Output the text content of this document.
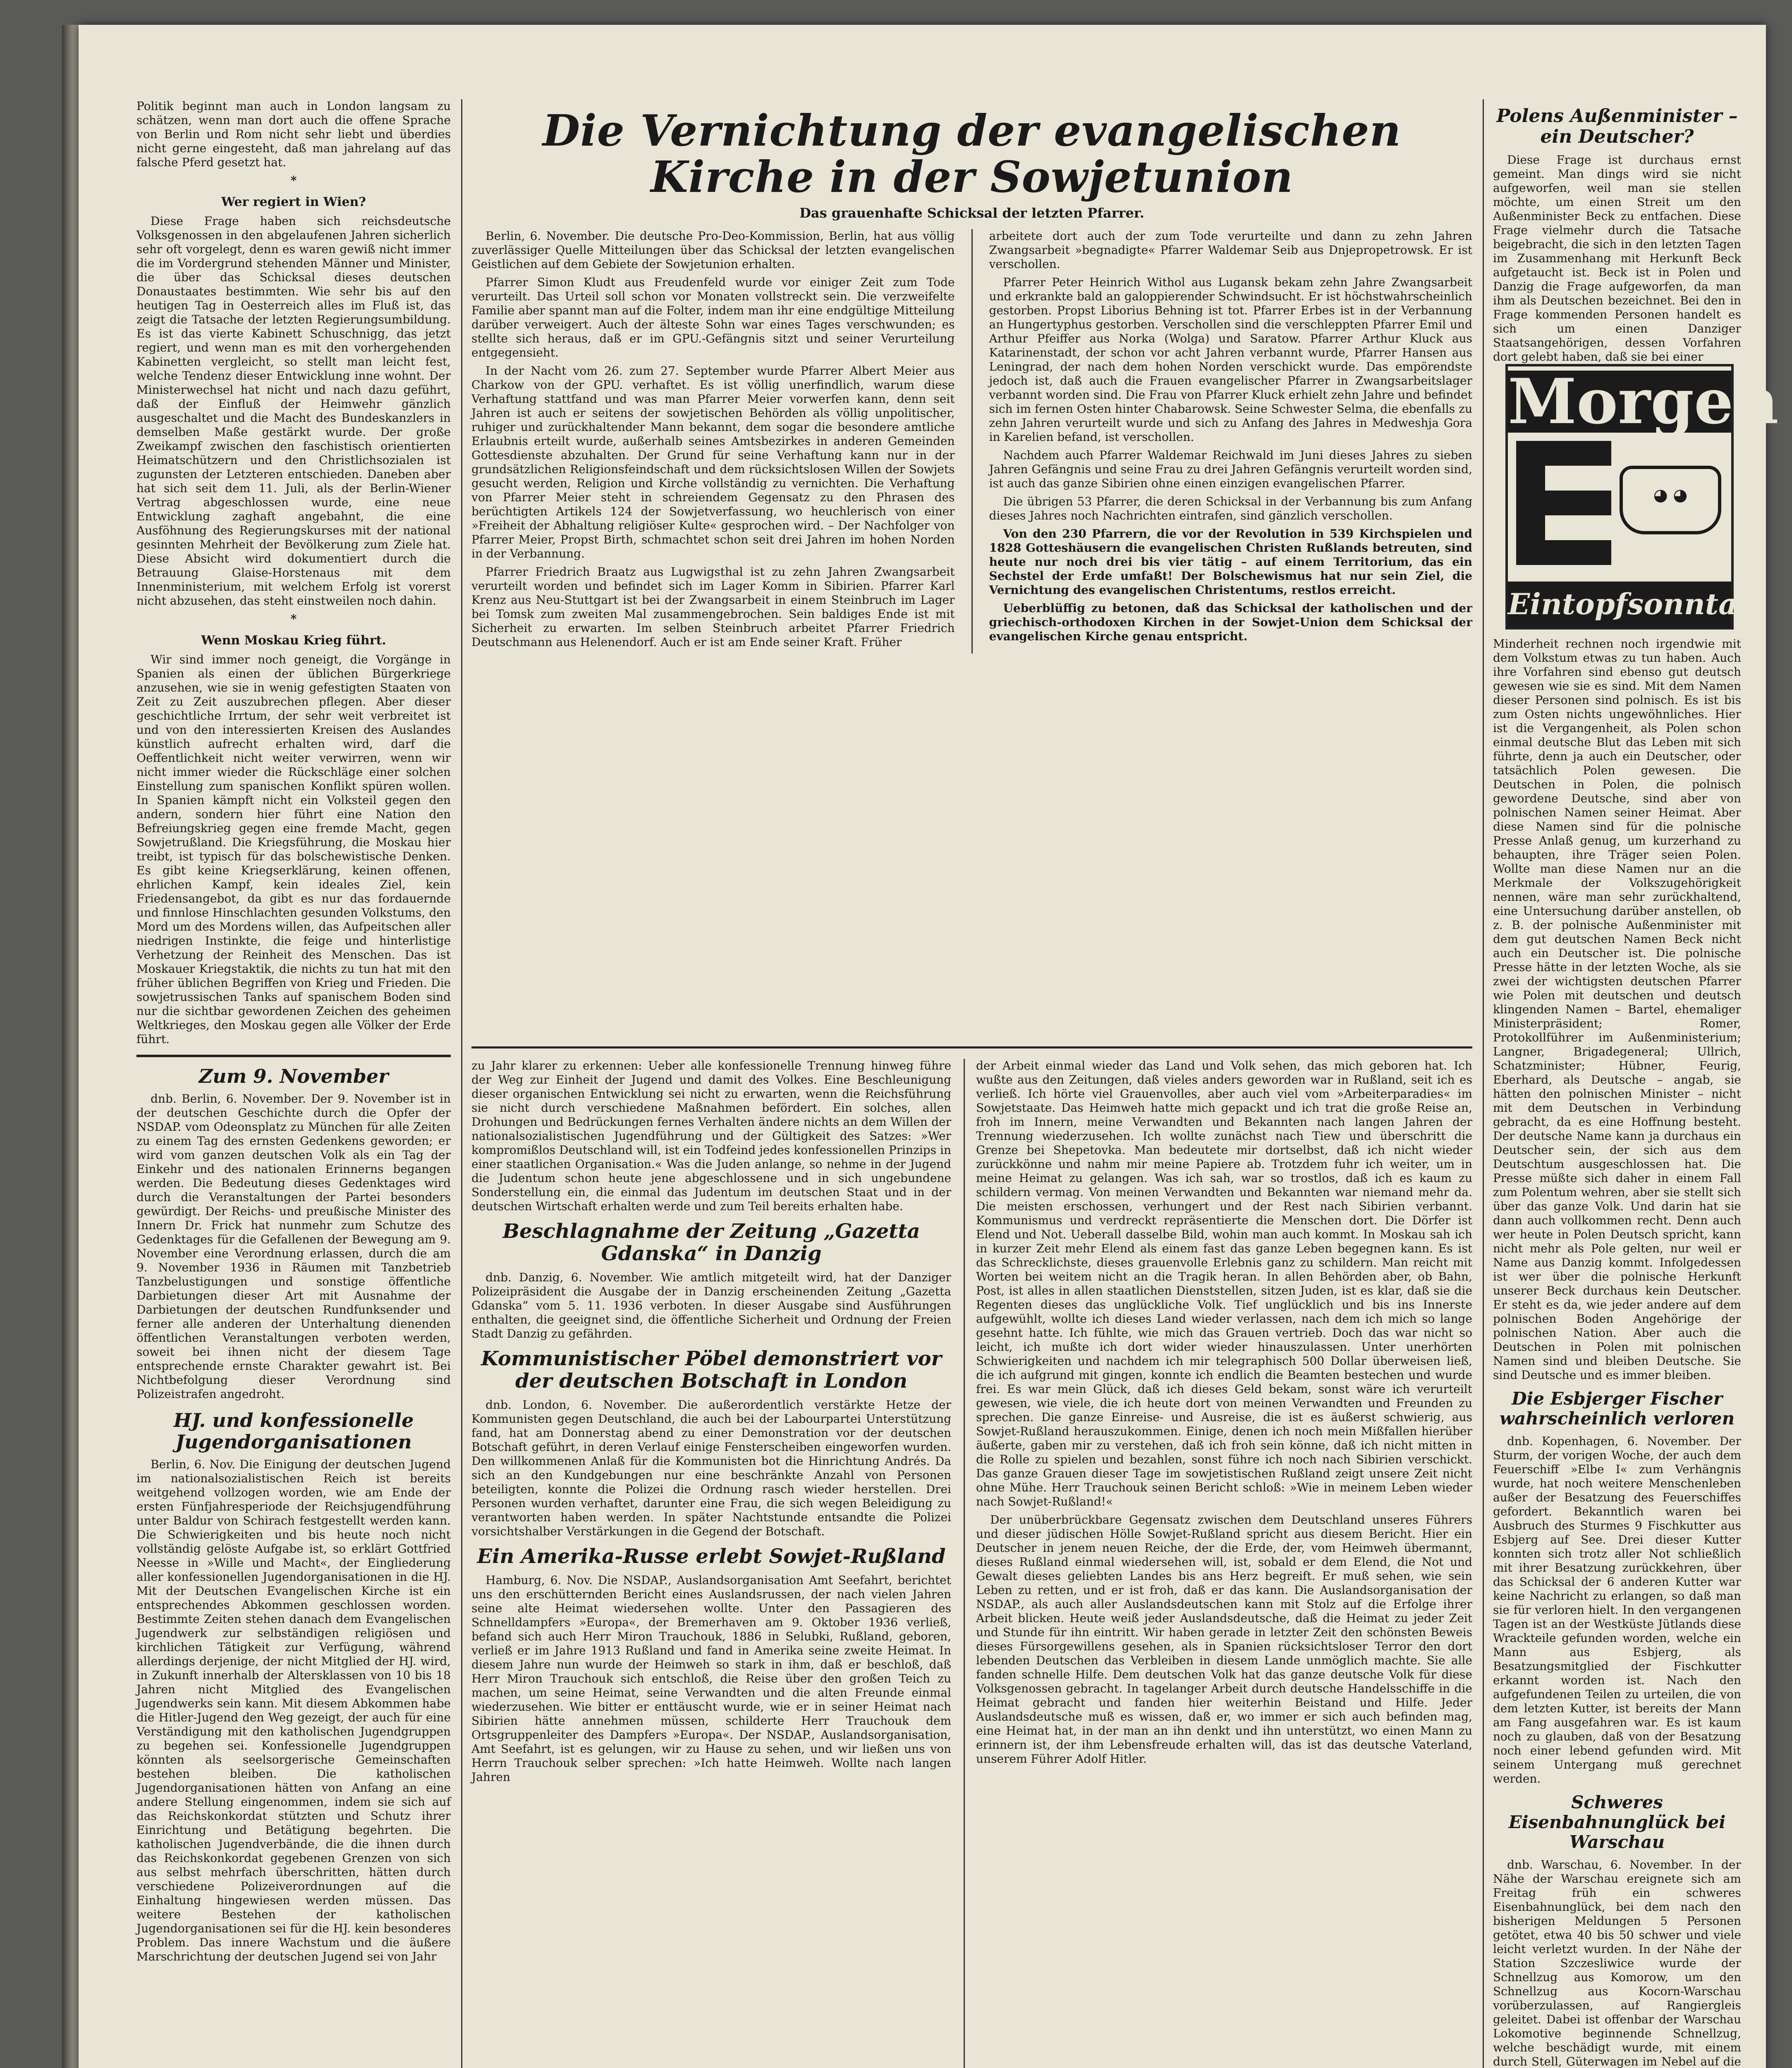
Politik beginnt man auch in London langsam zu schätzen, wenn man dort auch die offene Sprache von Berlin und Rom nicht sehr liebt und überdies nicht gerne eingesteht, daß man jahrelang auf das falsche Pferd gesetzt hat.

*
Wer regiert in Wien?

Diese Frage haben sich reichsdeutsche Volksgenossen in den abgelaufenen Jahren sicherlich sehr oft vorgelegt, denn es waren gewiß nicht immer die im Vordergrund stehenden Männer und Minister, die über das Schicksal dieses deutschen Donaustaates bestimmten. Wie sehr bis auf den heutigen Tag in Oesterreich alles im Fluß ist, das zeigt die Tatsache der letzten Regierungsumbildung. Es ist das vierte Kabinett Schuschnigg, das jetzt regiert, und wenn man es mit den vorhergehenden Kabinetten vergleicht, so stellt man leicht fest, welche Tendenz dieser Entwicklung inne wohnt. Der Ministerwechsel hat nicht und nach dazu geführt, daß der Einfluß der Heimwehr gänzlich ausgeschaltet und die Macht des Bundeskanzlers in demselben Maße gestärkt wurde. Der große Zweikampf zwischen den faschistisch orientierten Heimatschützern und den Christlichsozialen ist zugunsten der Letzteren entschieden. Daneben aber hat sich seit dem 11. Juli, als der Berlin-Wiener Vertrag abgeschlossen wurde, eine neue Entwicklung zaghaft angebahnt, die eine Ausföhnung des Regierungskurses mit der national gesinnten Mehrheit der Bevölkerung zum Ziele hat. Diese Absicht wird dokumentiert durch die Betrauung Glaise-Horstenaus mit dem Innenministerium, mit welchem Erfolg ist vorerst nicht abzusehen, das steht einstweilen noch dahin.

*
Wenn Moskau Krieg führt.

Wir sind immer noch geneigt, die Vorgänge in Spanien als einen der üblichen Bürgerkriege anzusehen, wie sie in wenig gefestigten Staaten von Zeit zu Zeit auszubrechen pflegen. Aber dieser geschichtliche Irrtum, der sehr weit verbreitet ist und von den interessierten Kreisen des Auslandes künstlich aufrecht erhalten wird, darf die Oeffentlichkeit nicht weiter verwirren, wenn wir nicht immer wieder die Rückschläge einer solchen Einstellung zum spanischen Konflikt spüren wollen. In Spanien kämpft nicht ein Volksteil gegen den andern, sondern hier führt eine Nation den Befreiungskrieg gegen eine fremde Macht, gegen Sowjetrußland. Die Kriegsführung, die Moskau hier treibt, ist typisch für das bolschewistische Denken. Es gibt keine Kriegserklärung, keinen offenen, ehrlichen Kampf, kein ideales Ziel, kein Friedensangebot, da gibt es nur das fordauernde und finnlose Hinschlachten gesunden Volkstums, den Mord um des Mordens willen, das Aufpeitschen aller niedrigen Instinkte, die feige und hinterlistige Verhetzung der Reinheit des Menschen. Das ist Moskauer Kriegstaktik, die nichts zu tun hat mit den früher üblichen Begriffen von Krieg und Frieden. Die sowjetrussischen Tanks auf spanischem Boden sind nur die sichtbar gewordenen Zeichen des geheimen Weltkrieges, den Moskau gegen alle Völker der Erde führt.

Zum 9. November

dnb. Berlin, 6. November. Der 9. November ist in der deutschen Geschichte durch die Opfer der NSDAP. vom Odeonsplatz zu München für alle Zeiten zu einem Tag des ernsten Gedenkens geworden; er wird vom ganzen deutschen Volk als ein Tag der Einkehr und des nationalen Erinnerns begangen werden. Die Bedeutung dieses Gedenktages wird durch die Veranstaltungen der Partei besonders gewürdigt. Der Reichs- und preußische Minister des Innern Dr. Frick hat nunmehr zum Schutze des Gedenktages für die Gefallenen der Bewegung am 9. November eine Verordnung erlassen, durch die am 9. November 1936 in Räumen mit Tanzbetrieb Tanzbelustigungen und sonstige öffentliche Darbietungen dieser Art mit Ausnahme der Darbietungen der deutschen Rundfunksender und ferner alle anderen der Unterhaltung dienenden öffentlichen Veranstaltungen verboten werden, soweit bei ihnen nicht der diesem Tage entsprechende ernste Charakter gewahrt ist. Bei Nichtbefolgung dieser Verordnung sind Polizeistrafen angedroht.

HJ. und konfessionelle Jugendorganisationen

Berlin, 6. Nov. Die Einigung der deutschen Jugend im nationalsozialistischen Reich ist bereits weitgehend vollzogen worden, wie am Ende der ersten Fünfjahresperiode der Reichsjugendführung unter Baldur von Schirach festgestellt werden kann. Die Schwierigkeiten und bis heute noch nicht vollständig gelöste Aufgabe ist, so erklärt Gottfried Neesse in »Wille und Macht«, der Eingliederung aller konfessionellen Jugendorganisationen in die HJ. Mit der Deutschen Evangelischen Kirche ist ein entsprechendes Abkommen geschlossen worden. Bestimmte Zeiten stehen danach dem Evangelischen Jugendwerk zur selbständigen religiösen und kirchlichen Tätigkeit zur Verfügung, während allerdings derjenige, der nicht Mitglied der HJ. wird, in Zukunft innerhalb der Altersklassen von 10 bis 18 Jahren nicht Mitglied des Evangelischen Jugendwerks sein kann. Mit diesem Abkommen habe die Hitler-Jugend den Weg gezeigt, der auch für eine Verständigung mit den katholischen Jugendgruppen zu begehen sei. Konfessionelle Jugendgruppen könnten als seelsorgerische Gemeinschaften bestehen bleiben. Die katholischen Jugendorganisationen hätten von Anfang an eine andere Stellung eingenommen, indem sie sich auf das Reichskonkordat stützten und Schutz ihrer Einrichtung und Betätigung begehrten. Die katholischen Jugendverbände, die die ihnen durch das Reichskonkordat gegebenen Grenzen von sich aus selbst mehrfach überschritten, hätten durch verschiedene Polizeiverordnungen auf die Einhaltung hingewiesen werden müssen. Das weitere Bestehen der katholischen Jugendorganisationen sei für die HJ. kein besonderes Problem. Das innere Wachstum und die äußere Marschrichtung der deutschen Jugend sei von Jahr

Die Vernichtung der evangelischen Kirche in der Sowjetunion
Das grauenhafte Schicksal der letzten Pfarrer.

Berlin, 6. November. Die deutsche Pro-Deo-Kommission, Berlin, hat aus völlig zuverlässiger Quelle Mitteilungen über das Schicksal der letzten evangelischen Geistlichen auf dem Gebiete der Sowjetunion erhalten.

Pfarrer Simon Kludt aus Freudenfeld wurde vor einiger Zeit zum Tode verurteilt. Das Urteil soll schon vor Monaten vollstreckt sein. Die verzweifelte Familie aber spannt man auf die Folter, indem man ihr eine endgültige Mitteilung darüber verweigert. Auch der älteste Sohn war eines Tages verschwunden; es stellte sich heraus, daß er im GPU.-Gefängnis sitzt und seiner Verurteilung entgegensieht.

In der Nacht vom 26. zum 27. September wurde Pfarrer Albert Meier aus Charkow von der GPU. verhaftet. Es ist völlig unerfindlich, warum diese Verhaftung stattfand und was man Pfarrer Meier vorwerfen kann, denn seit Jahren ist auch er seitens der sowjetischen Behörden als völlig unpolitischer, ruhiger und zurückhaltender Mann bekannt, dem sogar die besondere amtliche Erlaubnis erteilt wurde, außerhalb seines Amtsbezirkes in anderen Gemeinden Gottesdienste abzuhalten. Der Grund für seine Verhaftung kann nur in der grundsätzlichen Religionsfeindschaft und dem rücksichtslosen Willen der Sowjets gesucht werden, Religion und Kirche vollständig zu vernichten. Die Verhaftung von Pfarrer Meier steht in schreiendem Gegensatz zu den Phrasen des berüchtigten Artikels 124 der Sowjetverfassung, wo heuchlerisch von einer »Freiheit der Abhaltung religiöser Kulte« gesprochen wird. – Der Nachfolger von Pfarrer Meier, Propst Birth, schmachtet schon seit drei Jahren im hohen Norden in der Verbannung.

Pfarrer Friedrich Braatz aus Lugwigsthal ist zu zehn Jahren Zwangsarbeit verurteilt worden und befindet sich im Lager Komm in Sibirien. Pfarrer Karl Krenz aus Neu-Stuttgart ist bei der Zwangsarbeit in einem Steinbruch im Lager bei Tomsk zum zweiten Mal zusammengebrochen. Sein baldiges Ende ist mit Sicherheit zu erwarten. Im selben Steinbruch arbeitet Pfarrer Friedrich Deutschmann aus Helenendorf. Auch er ist am Ende seiner Kraft. Früher

arbeitete dort auch der zum Tode verurteilte und dann zu zehn Jahren Zwangsarbeit »begnadigte« Pfarrer Waldemar Seib aus Dnjepropetrowsk. Er ist verschollen.

Pfarrer Peter Heinrich Withol aus Lugansk bekam zehn Jahre Zwangsarbeit und erkrankte bald an galoppierender Schwindsucht. Er ist höchstwahrscheinlich gestorben. Propst Liborius Behning ist tot. Pfarrer Erbes ist in der Verbannung an Hungertyphus gestorben. Verschollen sind die verschleppten Pfarrer Emil und Arthur Pfeiffer aus Norka (Wolga) und Saratow. Pfarrer Arthur Kluck aus Katarinenstadt, der schon vor acht Jahren verbannt wurde, Pfarrer Hansen aus Leningrad, der nach dem hohen Norden verschickt wurde. Das empörendste jedoch ist, daß auch die Frauen evangelischer Pfarrer in Zwangsarbeitslager verbannt worden sind. Die Frau von Pfarrer Kluck erhielt zehn Jahre und befindet sich im fernen Osten hinter Chabarowsk. Seine Schwester Selma, die ebenfalls zu zehn Jahren verurteilt wurde und sich zu Anfang des Jahres in Medweshja Gora in Karelien befand, ist verschollen.

Nachdem auch Pfarrer Waldemar Reichwald im Juni dieses Jahres zu sieben Jahren Gefängnis und seine Frau zu drei Jahren Gefängnis verurteilt worden sind, ist auch das ganze Sibirien ohne einen einzigen evangelischen Pfarrer.

Die übrigen 53 Pfarrer, die deren Schicksal in der Verbannung bis zum Anfang dieses Jahres noch Nachrichten eintrafen, sind gänzlich verschollen.

Von den 230 Pfarrern, die vor der Revolution in 539 Kirchspielen und 1828 Gotteshäusern die evangelischen Christen Rußlands betreuten, sind heute nur noch drei bis vier tätig – auf einem Territorium, das ein Sechstel der Erde umfaßt! Der Bolschewismus hat nur sein Ziel, die Vernichtung des evangelischen Christentums, restlos erreicht.

Ueberblüffig zu betonen, daß das Schicksal der katholischen und der griechisch-orthodoxen Kirchen in der Sowjet-Union dem Schicksal der evangelischen Kirche genau entspricht.

zu Jahr klarer zu erkennen: Ueber alle konfessionelle Trennung hinweg führe der Weg zur Einheit der Jugend und damit des Volkes. Eine Beschleunigung dieser organischen Entwicklung sei nicht zu erwarten, wenn die Reichsführung sie nicht durch verschiedene Maßnahmen befördert. Ein solches, allen Drohungen und Bedrückungen fernes Verhalten ändere nichts an dem Willen der nationalsozialistischen Jugendführung und der Gültigkeit des Satzes: »Wer kompromißlos Deutschland will, ist ein Todfeind jedes konfessionellen Prinzips in einer staatlichen Organisation.« Was die Juden anlange, so nehme in der Jugend die Judentum schon heute jene abgeschlossene und in sich ungebundene Sonderstellung ein, die einmal das Judentum im deutschen Staat und in der deutschen Wirtschaft erhalten werde und zum Teil bereits erhalten habe.

Beschlagnahme der Zeitung „Gazetta Gdanska“ in Danzig

dnb. Danzig, 6. November. Wie amtlich mitgeteilt wird, hat der Danziger Polizeipräsident die Ausgabe der in Danzig erscheinenden Zeitung „Gazetta Gdanska“ vom 5. 11. 1936 verboten. In dieser Ausgabe sind Ausführungen enthalten, die geeignet sind, die öffentliche Sicherheit und Ordnung der Freien Stadt Danzig zu gefährden.

Kommunistischer Pöbel demonstriert vor der deutschen Botschaft in London

dnb. London, 6. November. Die außerordentlich verstärkte Hetze der Kommunisten gegen Deutschland, die auch bei der Labourpartei Unterstützung fand, hat am Donnerstag abend zu einer Demonstration vor der deutschen Botschaft geführt, in deren Verlauf einige Fensterscheiben eingeworfen wurden. Den willkommenen Anlaß für die Kommunisten bot die Hinrichtung Andrés. Da sich an den Kundgebungen nur eine beschränkte Anzahl von Personen beteiligten, konnte die Polizei die Ordnung rasch wieder herstellen. Drei Personen wurden verhaftet, darunter eine Frau, die sich wegen Beleidigung zu verantworten haben werden. In später Nachtstunde entsandte die Polizei vorsichtshalber Verstärkungen in die Gegend der Botschaft.

Ein Amerika-Russe erlebt Sowjet-Rußland

Hamburg, 6. Nov. Die NSDAP., Auslandsorganisation Amt Seefahrt, berichtet uns den erschütternden Bericht eines Auslandsrussen, der nach vielen Jahren seine alte Heimat wiedersehen wollte. Unter den Passagieren des Schnelldampfers »Europa«, der Bremerhaven am 9. Oktober 1936 verließ, befand sich auch Herr Miron Trauchouk, 1886 in Selubki, Rußland, geboren, verließ er im Jahre 1913 Rußland und fand in Amerika seine zweite Heimat. In diesem Jahre nun wurde der Heimweh so stark in ihm, daß er beschloß, daß Herr Miron Trauchouk sich entschloß, die Reise über den großen Teich zu machen, um seine Heimat, seine Verwandten und die alten Freunde einmal wiederzusehen. Wie bitter er enttäuscht wurde, wie er in seiner Heimat nach Sibirien hätte annehmen müssen, schilderte Herr Trauchouk dem Ortsgruppenleiter des Dampfers »Europa«. Der NSDAP., Auslandsorganisation, Amt Seefahrt, ist es gelungen, wir zu Hause zu sehen, und wir ließen uns von Herrn Trauchouk selber sprechen: »Ich hatte Heimweh. Wollte nach langen Jahren

der Arbeit einmal wieder das Land und Volk sehen, das mich geboren hat. Ich wußte aus den Zeitungen, daß vieles anders geworden war in Rußland, seit ich es verließ. Ich hörte viel Grauenvolles, aber auch viel vom »Arbeiterparadies« im Sowjetstaate. Das Heimweh hatte mich gepackt und ich trat die große Reise an, froh im Innern, meine Verwandten und Bekannten nach langen Jahren der Trennung wiederzusehen. Ich wollte zunächst nach Tiew und überschritt die Grenze bei Shepetovka. Man bedeutete mir dortselbst, daß ich nicht wieder zurückkönne und nahm mir meine Papiere ab. Trotzdem fuhr ich weiter, um in meine Heimat zu gelangen. Was ich sah, war so trostlos, daß ich es kaum zu schildern vermag. Von meinen Verwandten und Bekannten war niemand mehr da. Die meisten erschossen, verhungert und der Rest nach Sibirien verbannt. Kommunismus und verdreckt repräsentierte die Menschen dort. Die Dörfer ist Elend und Not. Ueberall dasselbe Bild, wohin man auch kommt. In Moskau sah ich in kurzer Zeit mehr Elend als einem fast das ganze Leben begegnen kann. Es ist das Schrecklichste, dieses grauenvolle Erlebnis ganz zu schildern. Man reicht mit Worten bei weitem nicht an die Tragik heran. In allen Behörden aber, ob Bahn, Post, ist alles in allen staatlichen Dienststellen, sitzen Juden, ist es klar, daß sie die Regenten dieses das unglückliche Volk. Tief unglücklich und bis ins Innerste aufgewühlt, wollte ich dieses Land wieder verlassen, nach dem ich mich so lange gesehnt hatte. Ich fühlte, wie mich das Grauen vertrieb. Doch das war nicht so leicht, ich mußte ich dort wider wieder hinauszulassen. Unter unerhörten Schwierigkeiten und nachdem ich mir telegraphisch 500 Dollar überweisen ließ, die ich aufgrund mit gingen, konnte ich endlich die Beamten bestechen und wurde frei. Es war mein Glück, daß ich dieses Geld bekam, sonst wäre ich verurteilt gewesen, wie viele, die ich heute dort von meinen Verwandten und Freunden zu sprechen. Die ganze Einreise- und Ausreise, die ist es äußerst schwierig, aus Sowjet-Rußland herauszukommen. Einige, denen ich noch mein Mißfallen hierüber äußerte, gaben mir zu verstehen, daß ich froh sein könne, daß ich nicht mitten in die Rolle zu spielen und bezahlen, sonst führe ich noch nach Sibirien verschickt. Das ganze Grauen dieser Tage im sowjetistischen Rußland zeigt unsere Zeit nicht ohne Mühe. Herr Trauchouk seinen Bericht schloß: »Wie in meinem Leben wieder nach Sowjet-Rußland!«

Der unüberbrückbare Gegensatz zwischen dem Deutschland unseres Führers und dieser jüdischen Hölle Sowjet-Rußland spricht aus diesem Bericht. Hier ein Deutscher in jenem neuen Reiche, der die Erde, der, vom Heimweh übermannt, dieses Rußland einmal wiedersehen will, ist, sobald er dem Elend, die Not und Gewalt dieses geliebten Landes bis ans Herz begreift. Er muß sehen, wie sein Leben zu retten, und er ist froh, daß er das kann. Die Auslandsorganisation der NSDAP., als auch aller Auslandsdeutschen kann mit Stolz auf die Erfolge ihrer Arbeit blicken. Heute weiß jeder Auslandsdeutsche, daß die Heimat zu jeder Zeit und Stunde für ihn eintritt. Wir haben gerade in letzter Zeit den schönsten Beweis dieses Fürsorgewillens gesehen, als in Spanien rücksichtsloser Terror den dort lebenden Deutschen das Verbleiben in diesem Lande unmöglich machte. Sie alle fanden schnelle Hilfe. Dem deutschen Volk hat das ganze deutsche Volk für diese Volksgenossen gebracht. In tagelanger Arbeit durch deutsche Handelsschiffe in die Heimat gebracht und fanden hier weiterhin Beistand und Hilfe. Jeder Auslandsdeutsche muß es wissen, daß er, wo immer er sich auch befinden mag, eine Heimat hat, in der man an ihn denkt und ihn unterstützt, wo einen Mann zu erinnern ist, der ihm Lebensfreude erhalten will, das ist das deutsche Vaterland, unserem Führer Adolf Hitler.

Polens Außenminister – ein Deutscher?

Diese Frage ist durchaus ernst gemeint. Man dings wird sie nicht aufgeworfen, weil man sie stellen möchte, um einen Streit um den Außenminister Beck zu entfachen. Diese Frage vielmehr durch die Tatsache beigebracht, die sich in den letzten Tagen im Zusammenhang mit Herkunft Beck aufgetaucht ist. Beck ist in Polen und Danzig die Frage aufgeworfen, da man ihm als Deutschen bezeichnet. Bei den in Frage kommenden Personen handelt es sich um einen Danziger Staatsangehörigen, dessen Vorfahren dort gelebt haben, daß sie bei einer

Morgen
◕ ◕
Eintopfsonntag

Minderheit rechnen noch irgendwie mit dem Volkstum etwas zu tun haben. Auch ihre Vorfahren sind ebenso gut deutsch gewesen wie sie es sind. Mit dem Namen dieser Personen sind polnisch. Es ist bis zum Osten nichts ungewöhnliches. Hier ist die Vergangenheit, als Polen schon einmal deutsche Blut das Leben mit sich führte, denn ja auch ein Deutscher, oder tatsächlich Polen gewesen. Die Deutschen in Polen, die polnisch gewordene Deutsche, sind aber von polnischen Namen seiner Heimat. Aber diese Namen sind für die polnische Presse Anlaß genug, um kurzerhand zu behaupten, ihre Träger seien Polen. Wollte man diese Namen nur an die Merkmale der Volkszugehörigkeit nennen, wäre man sehr zurückhaltend, eine Untersuchung darüber anstellen, ob z. B. der polnische Außenminister mit dem gut deutschen Namen Beck nicht auch ein Deutscher ist. Die polnische Presse hätte in der letzten Woche, als sie zwei der wichtigsten deutschen Pfarrer wie Polen mit deutschen und deutsch klingenden Namen – Bartel, ehemaliger Ministerpräsident; Romer, Protokollführer im Außenministerium; Langner, Brigadegeneral; Ullrich, Schatzminister; Hübner, Feurig, Eberhard, als Deutsche – angab, sie hätten den polnischen Minister – nicht mit dem Deutschen in Verbindung gebracht, da es eine Hoffnung besteht. Der deutsche Name kann ja durchaus ein Deutscher sein, der sich aus dem Deutschtum ausgeschlossen hat. Die Presse müßte sich daher in einem Fall zum Polentum wehren, aber sie stellt sich über das ganze Volk. Und darin hat sie dann auch vollkommen recht. Denn auch wer heute in Polen Deutsch spricht, kann nicht mehr als Pole gelten, nur weil er Name aus Danzig kommt. Infolgedessen ist wer über die polnische Herkunft unserer Beck durchaus kein Deutscher. Er steht es da, wie jeder andere auf dem polnischen Boden Angehörige der polnischen Nation. Aber auch die Deutschen in Polen mit polnischen Namen sind und bleiben Deutsche. Sie sind Deutsche und es immer bleiben.

Die Esbjerger Fischer wahrscheinlich verloren

dnb. Kopenhagen, 6. November. Der Sturm, der vorigen Woche, der auch dem Feuerschiff »Elbe I« zum Verhängnis wurde, hat noch weitere Menschenleben außer der Besatzung des Feuerschiffes gefordert. Bekanntlich waren bei Ausbruch des Sturmes 9 Fischkutter aus Esbjerg auf See. Drei dieser Kutter konnten sich trotz aller Not schließlich mit ihrer Besatzung zurückkehren, über das Schicksal der 6 anderen Kutter war keine Nachricht zu erlangen, so daß man sie für verloren hielt. In den vergangenen Tagen ist an der Westküste Jütlands diese Wrackteile gefunden worden, welche ein Mann aus Esbjerg, als Besatzungsmitglied der Fischkutter erkannt worden ist. Nach den aufgefundenen Teilen zu urteilen, die von dem letzten Kutter, ist bereits der Mann am Fang ausgefahren war. Es ist kaum noch zu glauben, daß von der Besatzung noch einer lebend gefunden wird. Mit seinem Untergang muß gerechnet werden.

Schweres Eisenbahnunglück bei Warschau

dnb. Warschau, 6. November. In der Nähe der Warschau ereignete sich am Freitag früh ein schweres Eisenbahnunglück, bei dem nach den bisherigen Meldungen 5 Personen getötet, etwa 40 bis 50 schwer und viele leicht verletzt wurden. In der Nähe der Station Szczesliwice wurde der Schnellzug aus Komorow, um den Schnellzug aus Kocorn-Warschau vorüberzulassen, auf Rangiergleis geleitet. Dabei ist offenbar der Warschau Lokomotive beginnende Schnellzug, welche beschädigt wurde, mit einem durch Stell, Güterwagen im Nebel auf die
